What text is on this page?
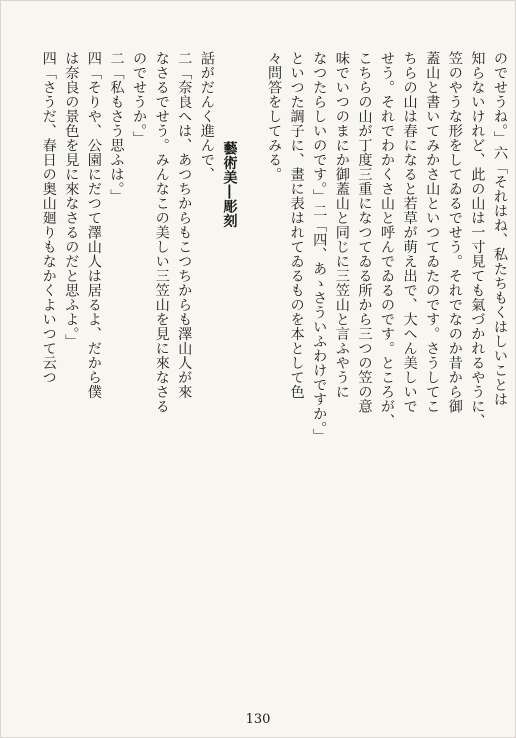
のでせうね。」六「それはね、私たちもくはしいことは
知らないけれど、此の山は一寸見ても氣づかれるやうに、
笠のやうな形をしてゐるでせう。それでなのか昔から御
蓋山と書いてみかさ山といつてゐたのです。さうしてこ
ちらの山は春になると若草が萌え出で、大へん美しいで
せう。それでわかくさ山と呼んでゐるのです。ところが、
こちらの山が丁度三重になつてゐる所から三つの笠の意
味でいつのまにか御蓋山と同じに三笠山と言ふやうに
なつたらしいのです。」二「四、あゝさういふわけですか。」
といつた調子に、畫に表はれてゐるものを本として色
々問答をしてみる。
藝術美―彫刻
話がだんく進んで、
二「奈良へは、あつちからもこつちからも澤山人が來
なさるでせう。みんなこの美しい三笠山を見に來なさる
のでせうか。」
二「私もさう思ふは。」
四「そりや、公園にだつて澤山人は居るよ、だから僕
は奈良の景色を見に來なさるのだと思ふよ。」
四「さうだ、春日の奥山廻りもなかくよいつて云つ
130
